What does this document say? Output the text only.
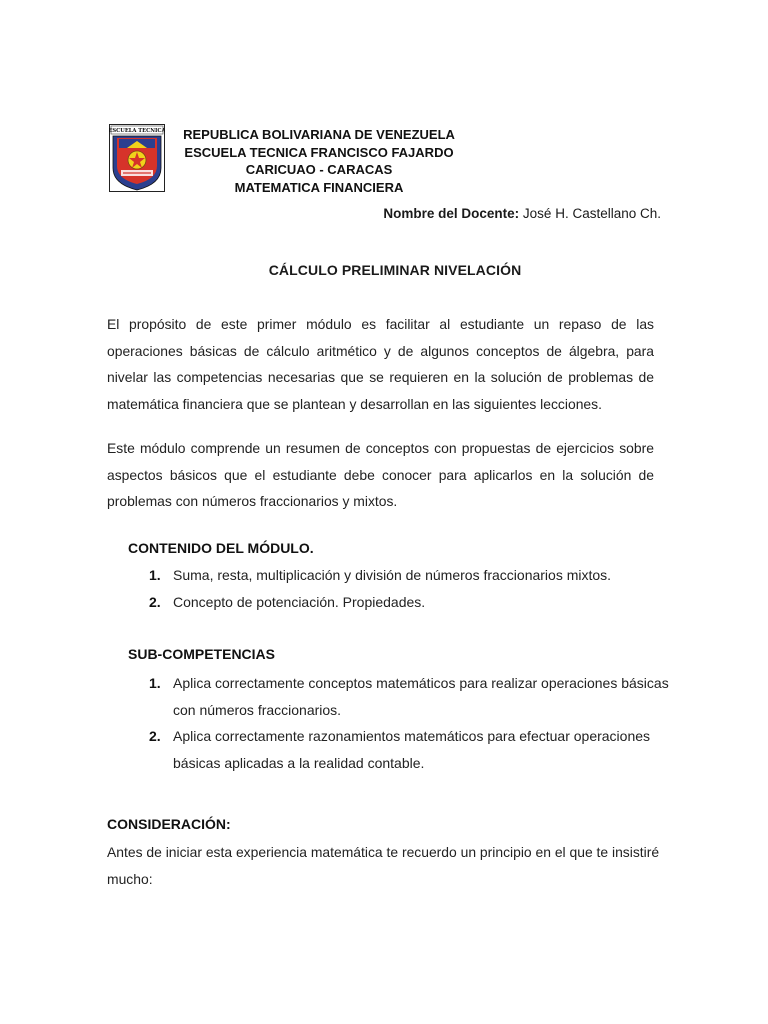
ESCUELA TECNICA	REPUBLICA BOLIVARIANA DE VENEZUELA
ESCUELA TECNICA FRANCISCO FAJARDO
CARICUAO - CARACAS
MATEMATICA FINANCIERA
Nombre del Docente: José H. Castellano Ch.
CÁLCULO PRELIMINAR NIVELACIÓN
El propósito de este primer módulo es facilitar al estudiante un repaso de las operaciones básicas de cálculo aritmético y de algunos conceptos de álgebra, para nivelar las competencias necesarias que se requieren en la solución de problemas de matemática financiera que se plantean y desarrollan en las siguientes lecciones.
Este módulo comprende un resumen de conceptos con propuestas de ejercicios sobre aspectos básicos que el estudiante debe conocer para aplicarlos en la solución de problemas con números fraccionarios y mixtos.
CONTENIDO DEL MÓDULO.
1. Suma, resta, multiplicación y división de números fraccionarios mixtos.
2. Concepto de potenciación. Propiedades.
SUB-COMPETENCIAS
1. Aplica correctamente conceptos matemáticos para realizar operaciones básicas con números fraccionarios.
2. Aplica correctamente razonamientos matemáticos para efectuar operaciones básicas aplicadas a la realidad contable.
CONSIDERACIÓN:
Antes de iniciar esta experiencia matemática te recuerdo un principio en el que te insistiré mucho:
